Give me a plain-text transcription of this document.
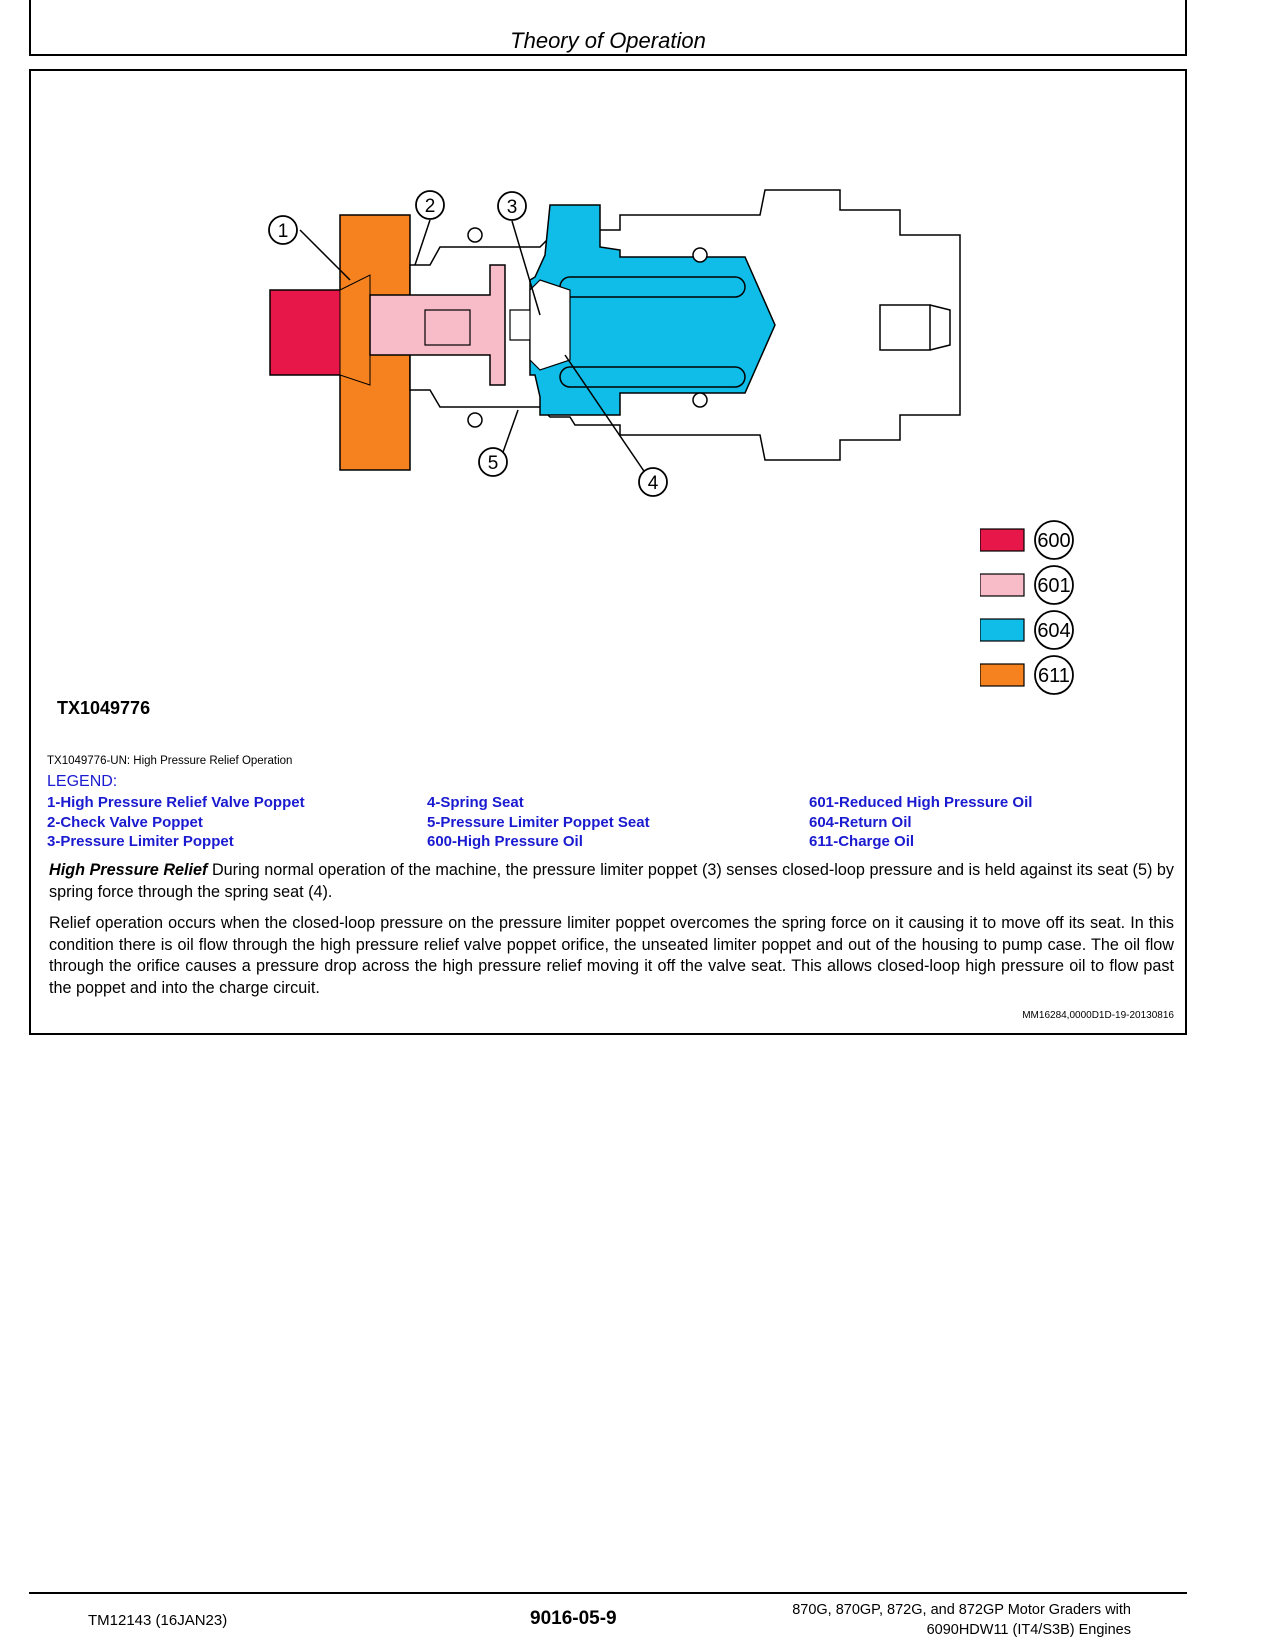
Theory of Operation
1
2	3
4
5
600
601
604
611
TX1049776
TX1049776-UN: High Pressure Relief Operation
LEGEND:
1-High Pressure Relief Valve Poppet
2-Check Valve Poppet
3-Pressure Limiter Poppet
4-Spring Seat
5-Pressure Limiter Poppet Seat
600-High Pressure Oil
601-Reduced High Pressure Oil
604-Return Oil
611-Charge Oil
High Pressure Relief During normal operation of the machine, the pressure limiter poppet (3) senses closed-loop pressure and is held against its seat (5) by spring force through the spring seat (4).
Relief operation occurs when the closed-loop pressure on the pressure limiter poppet overcomes the spring force on it causing it to move off its seat. In this condition there is oil flow through the high pressure relief valve poppet orifice, the unseated limiter poppet and out of the housing to pump case. The oil flow through the orifice causes a pressure drop across the high pressure relief moving it off the valve seat. This allows closed-loop high pressure oil to flow past the poppet and into the charge circuit.
MM16284,0000D1D-19-20130816
TM12143 (16JAN23)	9016-05-9	870G, 870GP, 872G, and 872GP Motor Graders with
6090HDW11 (IT4/S3B) Engines
